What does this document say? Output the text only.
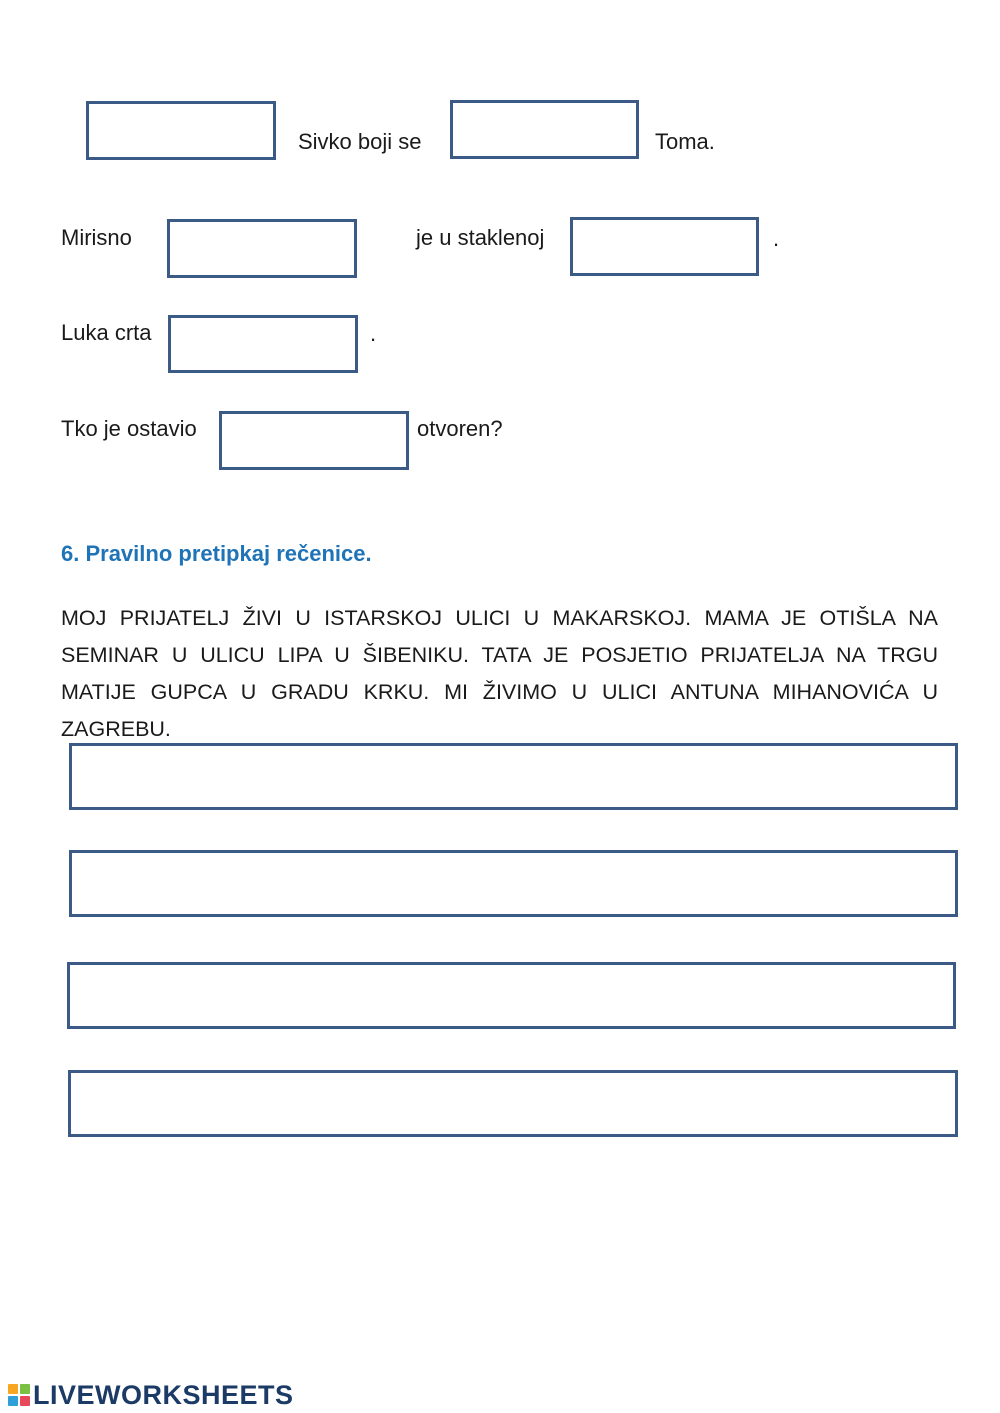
Sivko boji se	Toma.
Mirisno	je u staklenoj	.
Luka crta	.
Tko je ostavio	otvoren?
6. Pravilno pretipkaj rečenice.
MOJ PRIJATELJ ŽIVI U ISTARSKOJ ULICI U MAKARSKOJ. MAMA JE OTIŠLA NA SEMINAR U ULICU LIPA U ŠIBENIKU. TATA JE POSJETIO PRIJATELJA NA TRGU MATIJE GUPCA U GRADU KRKU. MI ŽIVIMO U ULICI ANTUNA MIHANOVIĆA U ZAGREBU.
LIVEWORKSHEETS
